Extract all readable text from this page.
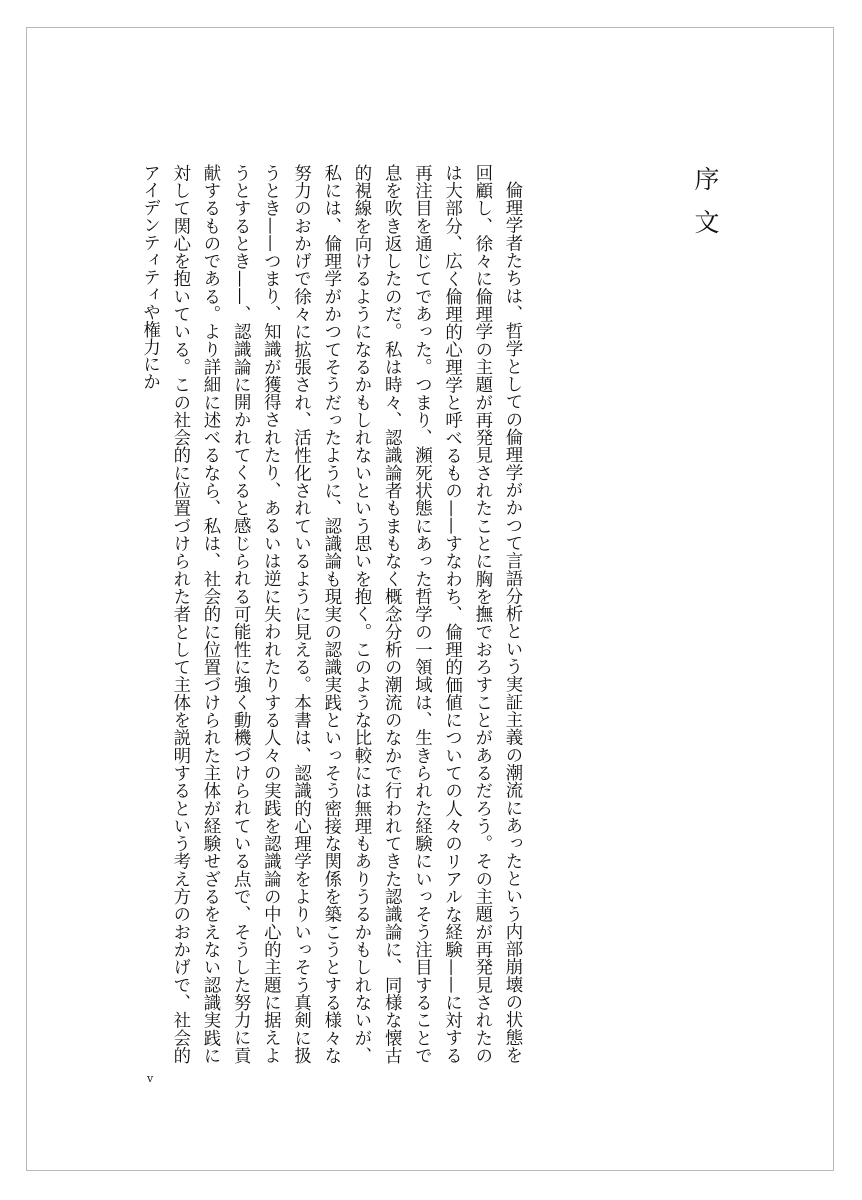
序文

倫理学者たちは、哲学としての倫理学がかつて言語分析という実証主義の潮流にあったという内部崩壊の状態を回顧し、徐々に倫理学の主題が再発見されたことに胸を撫でおろすことがあるだろう。その主題が再発見されたのは大部分、広く倫理的心理学と呼べるもの——すなわち、倫理的価値についての人々のリアルな経験——に対する再注目を通じてであった。つまり、瀕死状態にあった哲学の一領域は、生きられた経験にいっそう注目することで息を吹き返したのだ。私は時々、認識論者もまもなく概念分析の潮流のなかで行われてきた認識論に、同様な懐古的視線を向けるようになるかもしれないという思いを抱く。このような比較には無理もありうるかもしれないが、私には、倫理学がかつてそうだったように、認識論も現実の認識実践といっそう密接な関係を築こうとする様々な努力のおかげで徐々に拡張され、活性化されているように見える。本書は、認識的心理学をよりいっそう真剣に扱うとき——つまり、知識が獲得されたり、あるいは逆に失われたりする人々の実践を認識論の中心的主題に据えようとするとき——、認識論に開かれてくると感じられる可能性に強く動機づけられている点で、そうした努力に貢献するものである。より詳細に述べるなら、私は、社会的に位置づけられた主体が経験せざるをえない認識実践に対して関心を抱いている。この社会的に位置づけられた者として主体を説明するという考え方のおかげで、社会的アイデンティティや権力にか

v
